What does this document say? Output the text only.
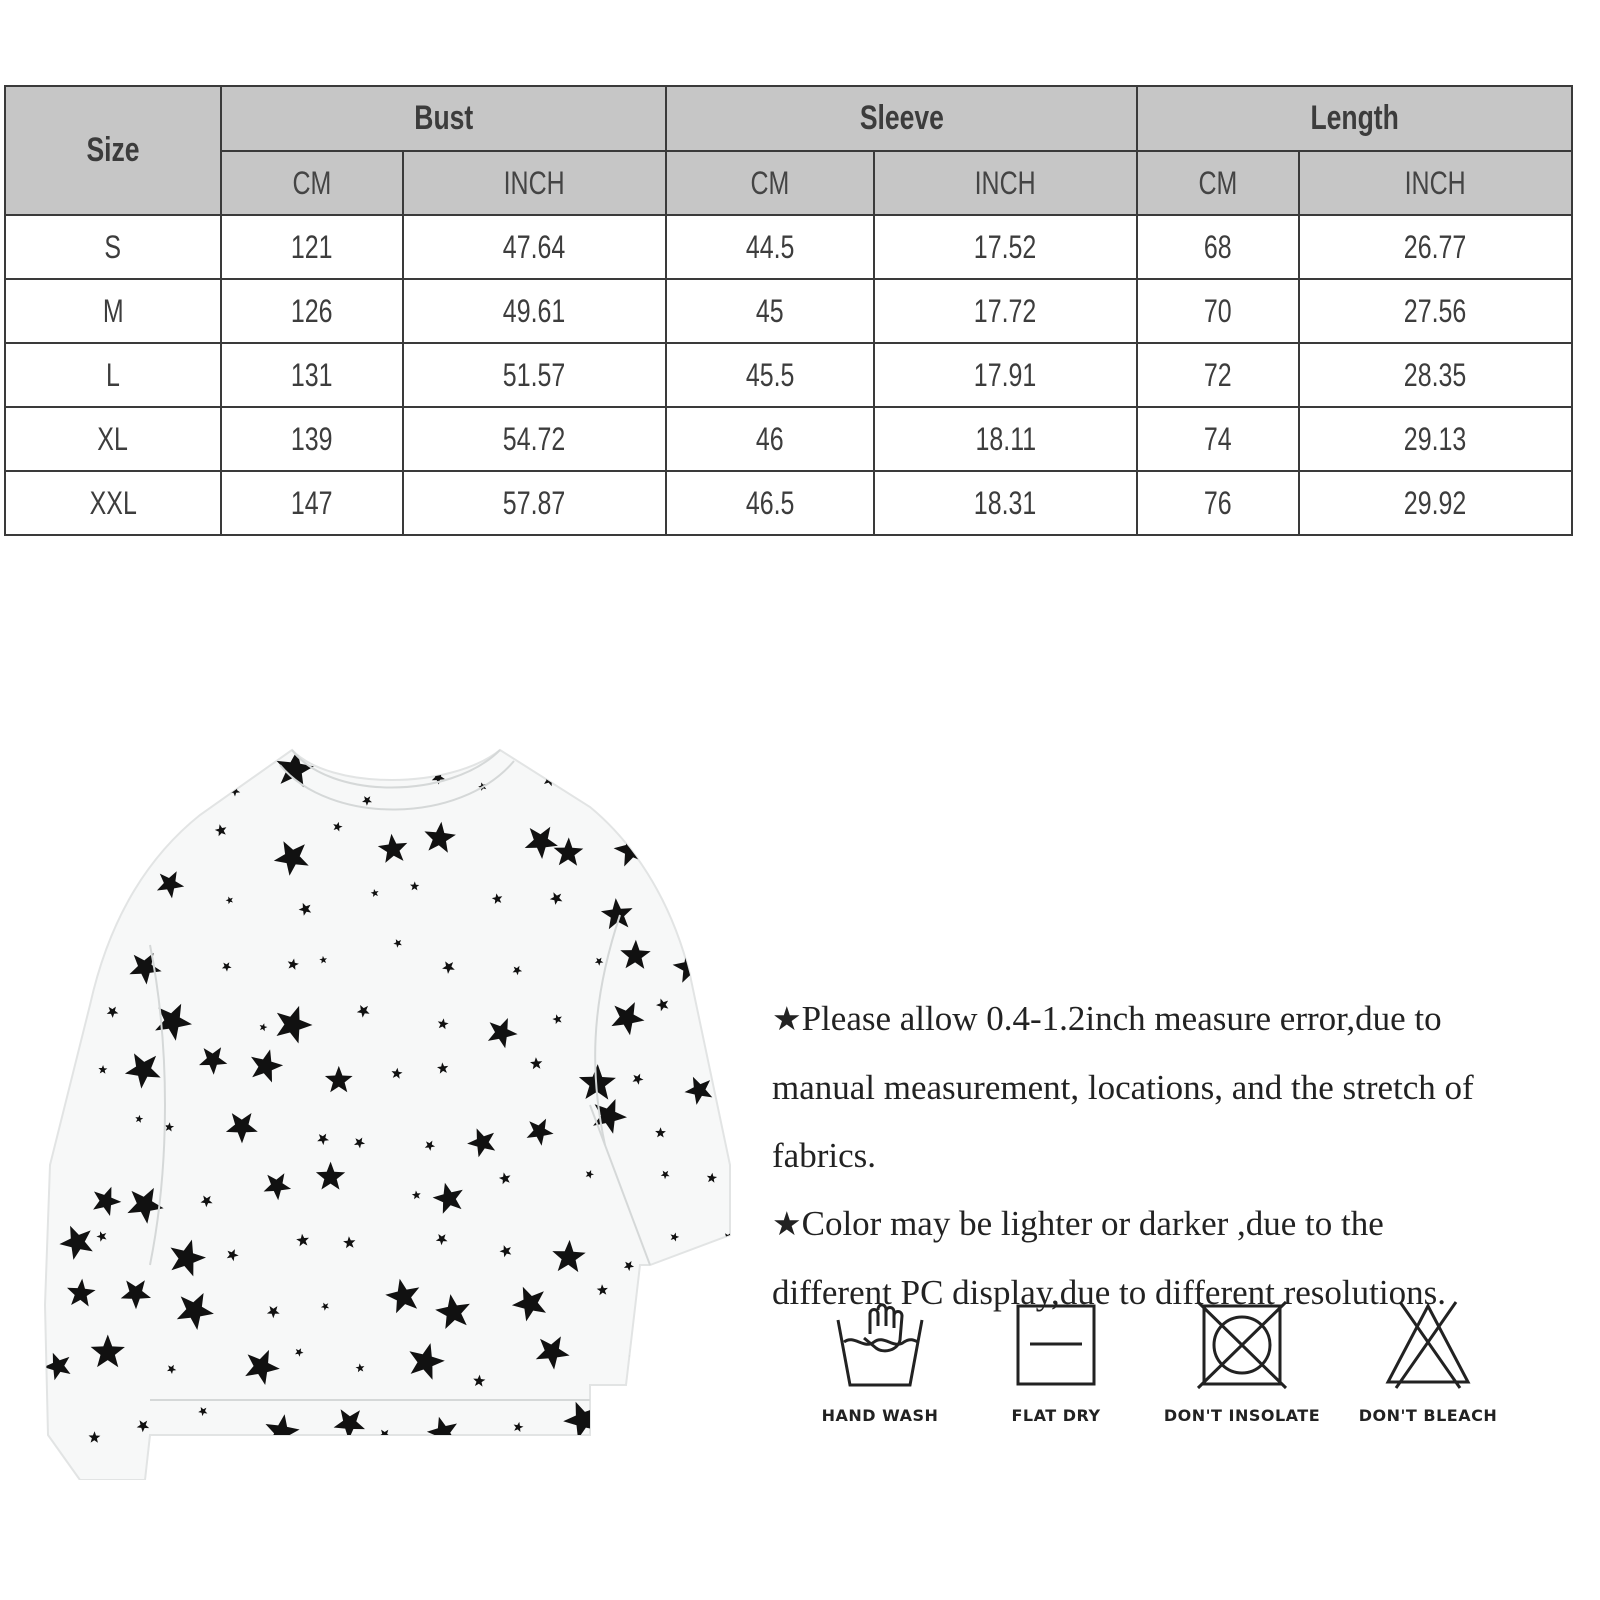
Size	Bust		Sleeve		Length	
	CM	INCH	CM	INCH	CM	INCH
S	121	47.64	44.5	17.52	68	26.77
M	126	49.61	45	17.72	70	27.56
L	131	51.57	45.5	17.91	72	28.35
XL	139	54.72	46	18.11	74	29.13
XXL	147	57.87	46.5	18.31	76	29.92

★Please allow 0.4-1.2inch measure error,due to

manual measurement, locations, and the stretch of

fabrics.

★Color may be lighter or darker ,due to the

different PC display,due to different resolutions.

HAND WASH	FLAT DRY	DON'T INSOLATE	DON'T BLEACH
